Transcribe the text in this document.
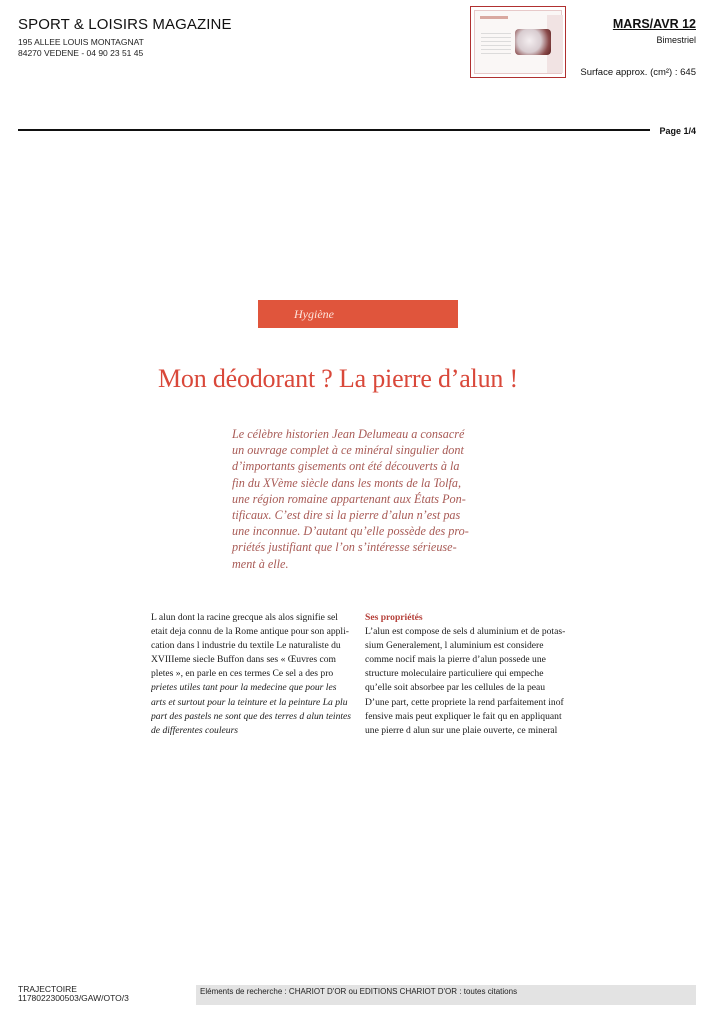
SPORT & LOISIRS MAGAZINE
195 ALLEE LOUIS MONTAGNAT
84270 VEDENE - 04 90 23 51 45
MARS/AVR 12
Bimestriel
Surface approx. (cm²) : 645
Page 1/4
Hygiène
Mon déodorant ? La pierre d’alun !
Le célèbre historien Jean Delumeau a consacré
un ouvrage complet à ce minéral singulier dont
d’importants gisements ont été découverts à la
fin du XVème siècle dans les monts de la Tolfa,
une région romaine appartenant aux États Pon-
tificaux. C’est dire si la pierre d’alun n’est pas
une inconnue. D’autant qu’elle possède des pro-
priétés justifiant que l’on s’intéresse sérieuse-
ment à elle.
L alun dont la racine grecque als alos signifie sel
etait deja connu de la Rome antique pour son appli-
cation dans l industrie du textile Le naturaliste du
XVIIIeme siecle Buffon dans ses « Œuvres com
pletes », en parle en ces termes Ce sel a des pro
prietes utiles tant pour la medecine que pour les
arts et surtout pour la teinture et la peinture La plu
part des pastels ne sont que des terres d alun teintes
de differentes couleurs
Ses propriétés
L’alun est compose de sels d aluminium et de potas-
sium Generalement, l aluminium est considere
comme nocif mais la pierre d’alun possede une
structure moleculaire particuliere qui empeche
qu’elle soit absorbee par les cellules de la peau
D’une part, cette propriete la rend parfaitement inof
fensive mais peut expliquer le fait qu en appliquant
une pierre d alun sur une plaie ouverte, ce mineral
TRAJECTOIRE
1178022300503/GAW/OTO/3
Eléments de recherche : CHARIOT D'OR ou EDITIONS CHARIOT D'OR : toutes citations
